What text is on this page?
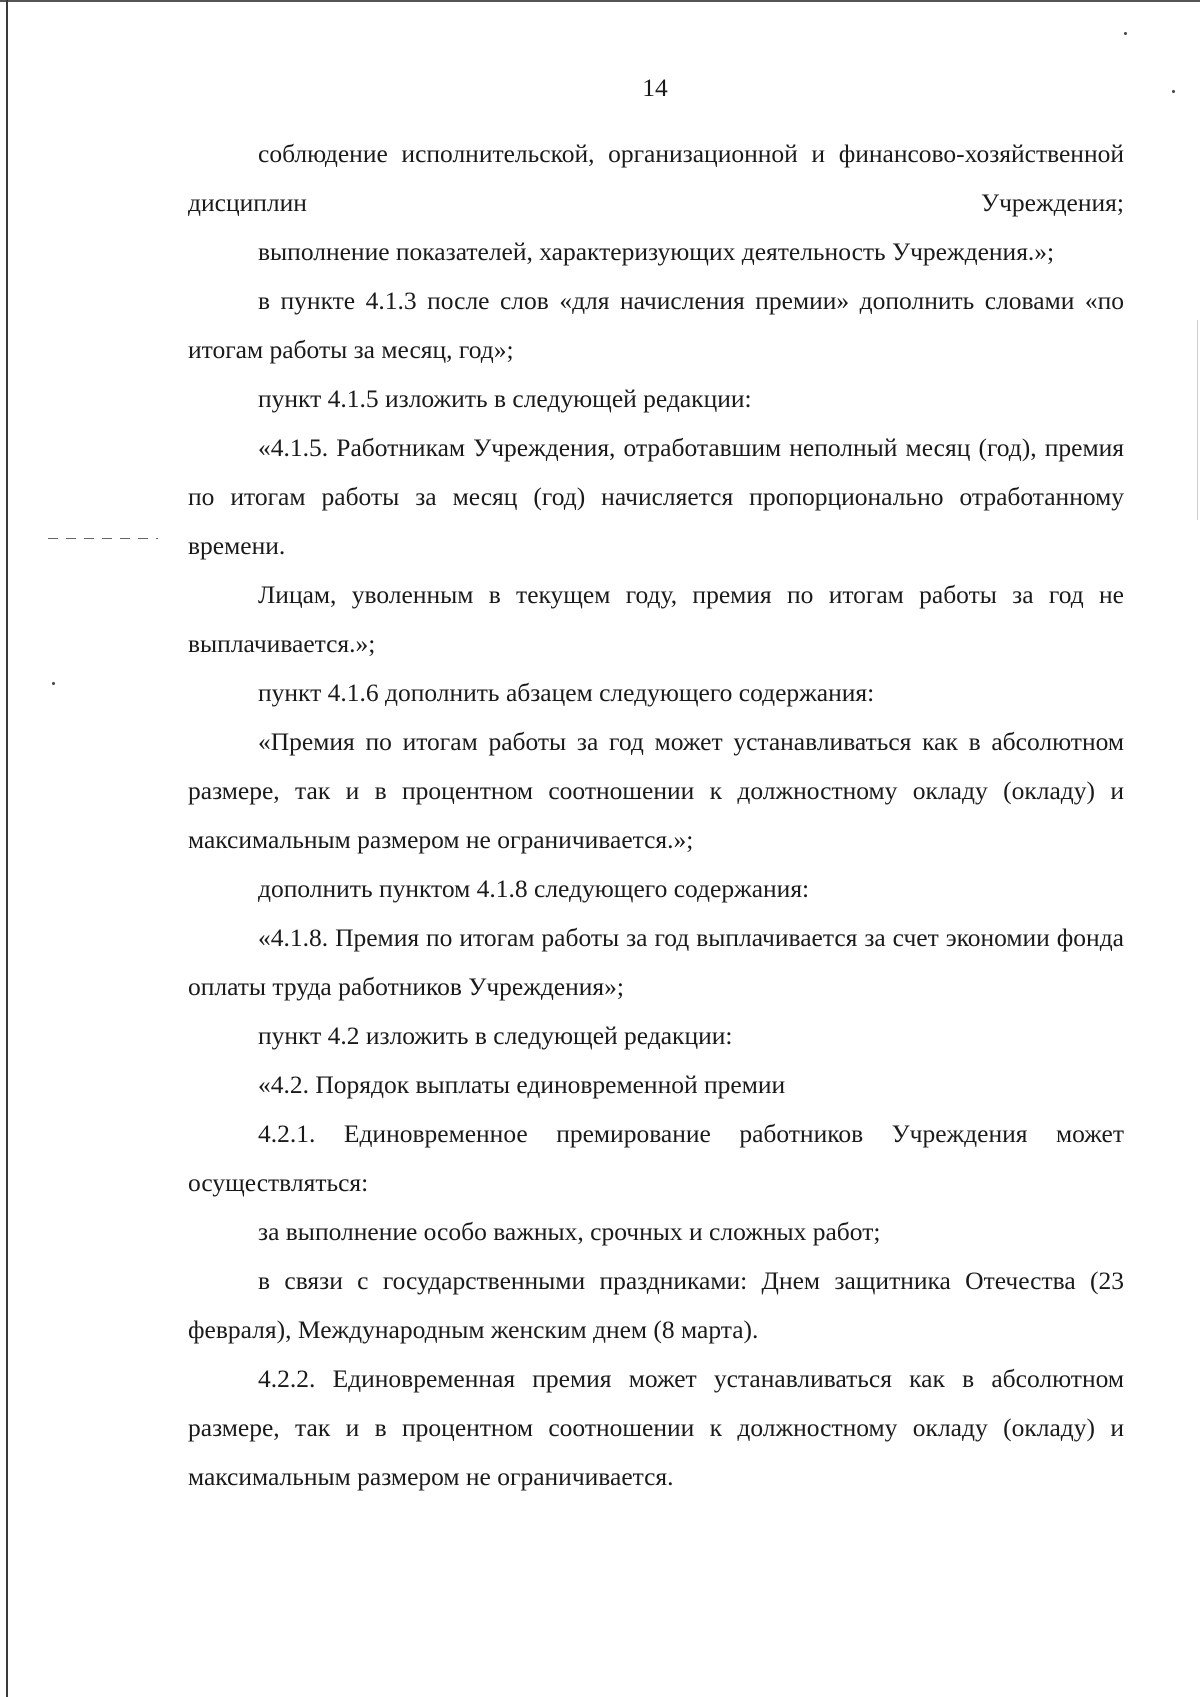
14

соблюдение исполнительской, организационной и финансово-хозяйственной дисциплин Учреждения;

выполнение показателей, характеризующих деятельность Учреждения.»;

в пункте 4.1.3 после слов «для начисления премии» дополнить словами «по итогам работы за месяц, год»;

пункт 4.1.5 изложить в следующей редакции:

«4.1.5. Работникам Учреждения, отработавшим неполный месяц (год), премия по итогам работы за месяц (год) начисляется пропорционально отработанному времени.

Лицам, уволенным в текущем году, премия по итогам работы за год не выплачивается.»;

пункт 4.1.6 дополнить абзацем следующего содержания:

«Премия по итогам работы за год может устанавливаться как в абсолютном размере, так и в процентном соотношении к должностному окладу (окладу) и максимальным размером не ограничивается.»;

дополнить пунктом 4.1.8 следующего содержания:

«4.1.8. Премия по итогам работы за год выплачивается за счет экономии фонда оплаты труда работников Учреждения»;

пункт 4.2 изложить в следующей редакции:

«4.2. Порядок выплаты единовременной премии

4.2.1. Единовременное премирование работников Учреждения может осуществляться:

за выполнение особо важных, срочных и сложных работ;

в связи с государственными праздниками: Днем защитника Отечества (23 февраля), Международным женским днем (8 марта).

4.2.2. Единовременная премия может устанавливаться как в абсолютном размере, так и в процентном соотношении к должностному окладу (окладу) и максимальным размером не ограничивается.
